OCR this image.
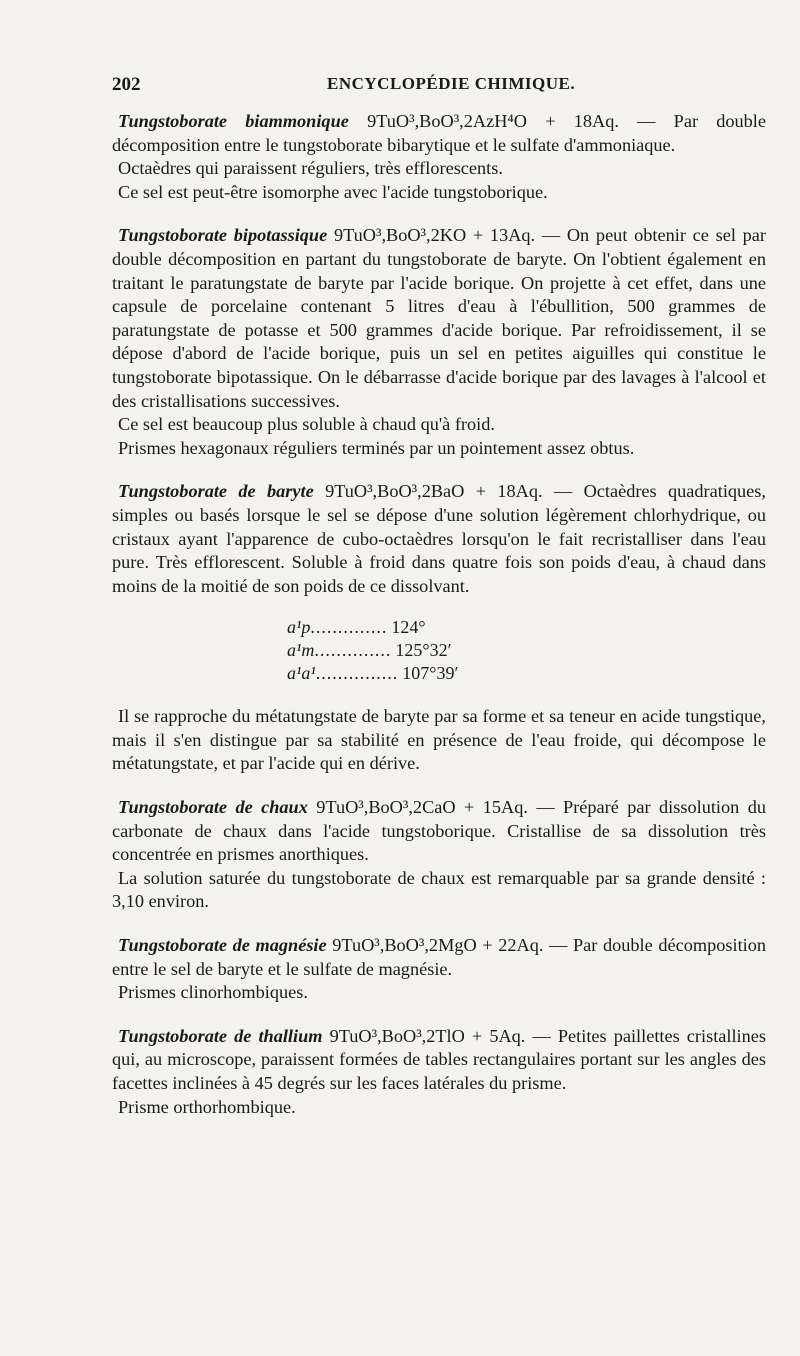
202	ENCYCLOPÉDIE CHIMIQUE.

Tungstoborate biammonique 9TuO³,BoO³,2AzH⁴O + 18Aq. — Par double décomposition entre le tungstoborate bibarytique et le sulfate d'ammoniaque.

Octaèdres qui paraissent réguliers, très efflorescents.

Ce sel est peut-être isomorphe avec l'acide tungstoborique.

Tungstoborate bipotassique 9TuO³,BoO³,2KO + 13Aq. — On peut obtenir ce sel par double décomposition en partant du tungstoborate de baryte. On l'obtient également en traitant le paratungstate de baryte par l'acide borique. On projette à cet effet, dans une capsule de porcelaine contenant 5 litres d'eau à l'ébullition, 500 grammes de paratungstate de potasse et 500 grammes d'acide borique. Par refroidissement, il se dépose d'abord de l'acide borique, puis un sel en petites aiguilles qui constitue le tungstoborate bipotassique. On le débarrasse d'acide borique par des lavages à l'alcool et des cristallisations successives.

Ce sel est beaucoup plus soluble à chaud qu'à froid.

Prismes hexagonaux réguliers terminés par un pointement assez obtus.

Tungstoborate de baryte 9TuO³,BoO³,2BaO + 18Aq. — Octaèdres quadratiques, simples ou basés lorsque le sel se dépose d'une solution légèrement chlorhydrique, ou cristaux ayant l'apparence de cubo-octaèdres lorsqu'on le fait recristalliser dans l'eau pure. Très efflorescent. Soluble à froid dans quatre fois son poids d'eau, à chaud dans moins de la moitié de son poids de ce dissolvant.

a¹p .............. 124°
a¹m .............. 125°32′
a¹a¹ ............... 107°39′

Il se rapproche du métatungstate de baryte par sa forme et sa teneur en acide tungstique, mais il s'en distingue par sa stabilité en présence de l'eau froide, qui décompose le métatungstate, et par l'acide qui en dérive.

Tungstoborate de chaux 9TuO³,BoO³,2CaO + 15Aq. — Préparé par dissolution du carbonate de chaux dans l'acide tungstoborique. Cristallise de sa dissolution très concentrée en prismes anorthiques.

La solution saturée du tungstoborate de chaux est remarquable par sa grande densité : 3,10 environ.

Tungstoborate de magnésie 9TuO³,BoO³,2MgO + 22Aq. — Par double décomposition entre le sel de baryte et le sulfate de magnésie.

Prismes clinorhombiques.

Tungstoborate de thallium 9TuO³,BoO³,2TlO + 5Aq. — Petites paillettes cristallines qui, au microscope, paraissent formées de tables rectangulaires portant sur les angles des facettes inclinées à 45 degrés sur les faces latérales du prisme.

Prisme orthorhombique.
